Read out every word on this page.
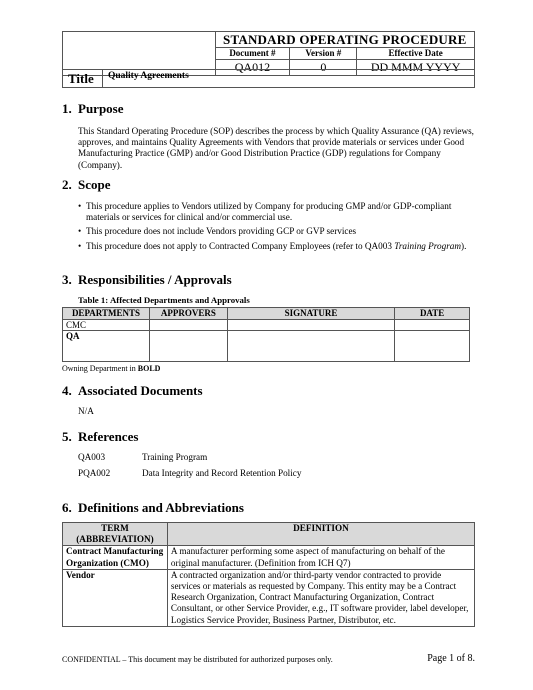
	STANDARD OPERATING PROCEDURE		
	Document #	Version #	Effective Date
	QA012	0	DD MMM YYYY
Title	Quality Agreements
1. Purpose
This Standard Operating Procedure (SOP) describes the process by which Quality Assurance (QA) reviews, approves, and maintains Quality Agreements with Vendors that provide materials or services under Good Manufacturing Practice (GMP) and/or Good Distribution Practice (GDP) regulations for Company (Company).
2. Scope
• This procedure applies to Vendors utilized by Company for producing GMP and/or GDP-compliant materials or services for clinical and/or commercial use.
• This procedure does not include Vendors providing GCP or GVP services
• This procedure does not apply to Contracted Company Employees (refer to QA003 Training Program).
3. Responsibilities / Approvals
Table 1: Affected Departments and Approvals
DEPARTMENTS	APPROVERS	SIGNATURE	DATE
CMC			
QA			
Owning Department in BOLD
4. Associated Documents
N/A
5. References
QA003	Training Program
PQA002	Data Integrity and Record Retention Policy
6. Definitions and Abbreviations
TERM (ABBREVIATION)	DEFINITION
Contract Manufacturing Organization (CMO)	A manufacturer performing some aspect of manufacturing on behalf of the original manufacturer. (Definition from ICH Q7)
Vendor	A contracted organization and/or third-party vendor contracted to provide services or materials as requested by Company. This entity may be a Contract Research Organization, Contract Manufacturing Organization, Contract Consultant, or other Service Provider, e.g., IT software provider, label developer, Logistics Service Provider, Business Partner, Distributor, etc.
CONFIDENTIAL – This document may be distributed for authorized purposes only.	Page 1 of 8.
